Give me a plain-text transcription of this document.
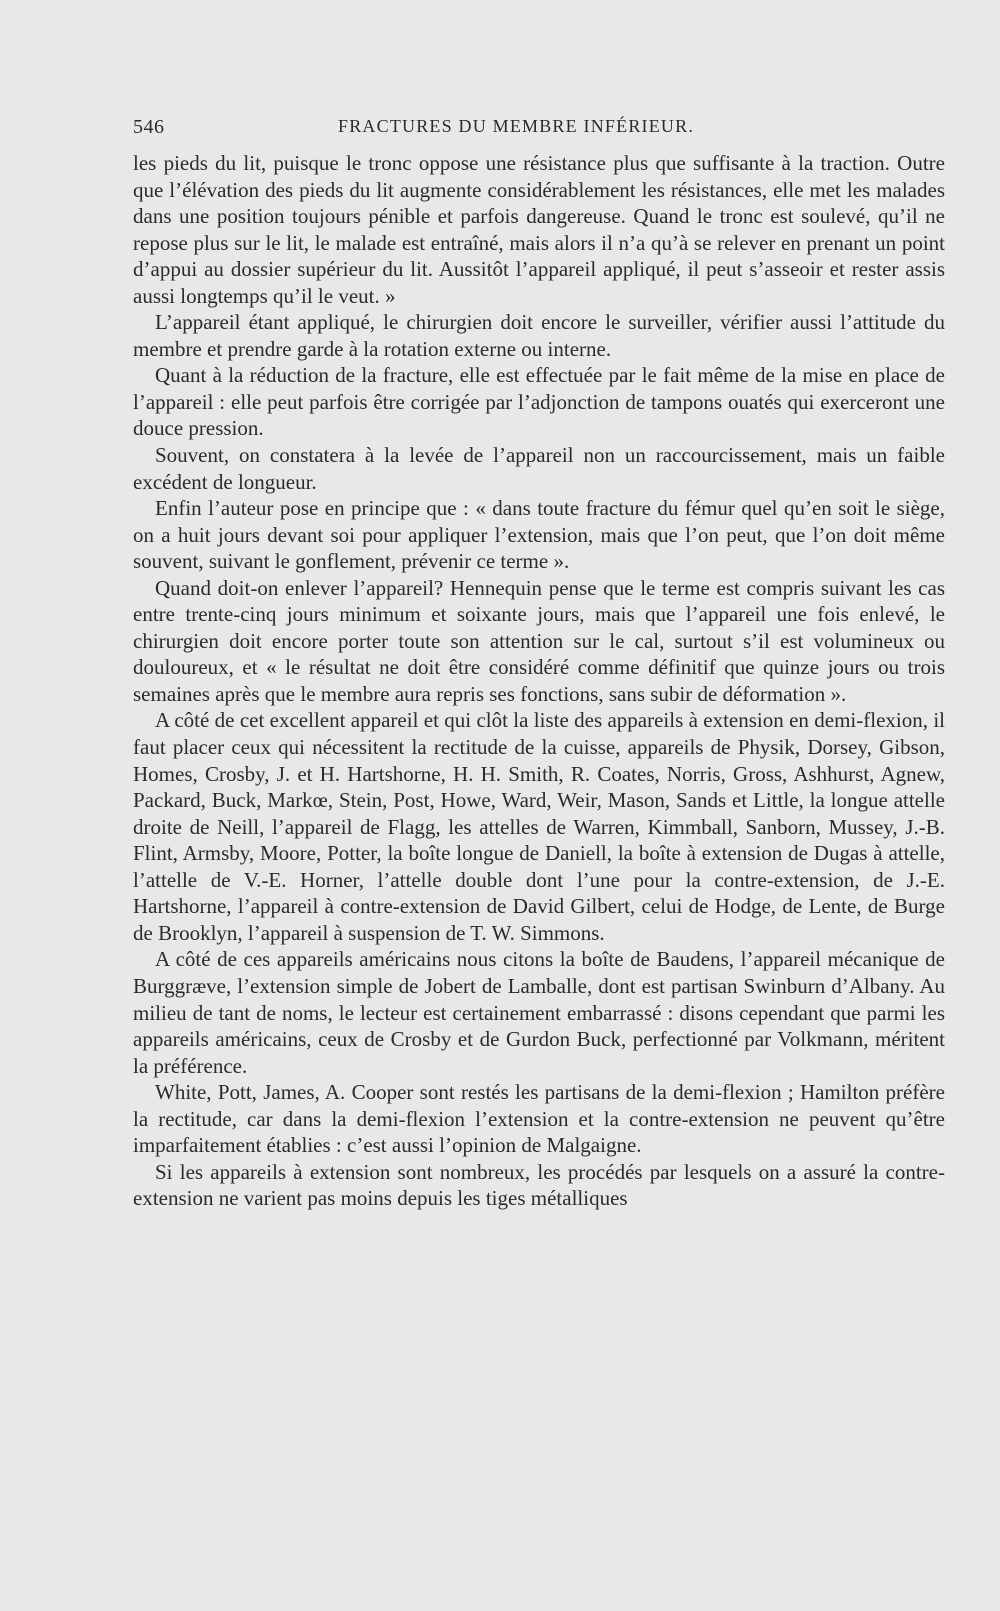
546	FRACTURES DU MEMBRE INFÉRIEUR.

les pieds du lit, puisque le tronc oppose une résistance plus que suffisante à la traction. Outre que l’élévation des pieds du lit augmente considérablement les résistances, elle met les malades dans une position toujours pénible et parfois dangereuse. Quand le tronc est soulevé, qu’il ne repose plus sur le lit, le malade est entraîné, mais alors il n’a qu’à se relever en prenant un point d’appui au dossier supérieur du lit. Aussitôt l’appareil appliqué, il peut s’asseoir et rester assis aussi longtemps qu’il le veut. »

L’appareil étant appliqué, le chirurgien doit encore le surveiller, vérifier aussi l’attitude du membre et prendre garde à la rotation externe ou interne.

Quant à la réduction de la fracture, elle est effectuée par le fait même de la mise en place de l’appareil : elle peut parfois être corrigée par l’adjonction de tampons ouatés qui exerceront une douce pression.

Souvent, on constatera à la levée de l’appareil non un raccourcissement, mais un faible excédent de longueur.

Enfin l’auteur pose en principe que : « dans toute fracture du fémur quel qu’en soit le siège, on a huit jours devant soi pour appliquer l’extension, mais que l’on peut, que l’on doit même souvent, suivant le gonflement, prévenir ce terme ».

Quand doit-on enlever l’appareil? Hennequin pense que le terme est compris suivant les cas entre trente-cinq jours minimum et soixante jours, mais que l’appareil une fois enlevé, le chirurgien doit encore porter toute son attention sur le cal, surtout s’il est volumineux ou douloureux, et « le résultat ne doit être considéré comme définitif que quinze jours ou trois semaines après que le membre aura repris ses fonctions, sans subir de déformation ».

A côté de cet excellent appareil et qui clôt la liste des appareils à extension en demi-flexion, il faut placer ceux qui nécessitent la rectitude de la cuisse, appareils de Physik, Dorsey, Gibson, Homes, Crosby, J. et H. Hartshorne, H. H. Smith, R. Coates, Norris, Gross, Ashhurst, Agnew, Packard, Buck, Markœ, Stein, Post, Howe, Ward, Weir, Mason, Sands et Little, la longue attelle droite de Neill, l’appareil de Flagg, les attelles de Warren, Kimmball, Sanborn, Mussey, J.-B. Flint, Armsby, Moore, Potter, la boîte longue de Daniell, la boîte à extension de Dugas à attelle, l’attelle de V.-E. Horner, l’attelle double dont l’une pour la contre-extension, de J.-E. Hartshorne, l’appareil à contre-extension de David Gilbert, celui de Hodge, de Lente, de Burge de Brooklyn, l’appareil à suspension de T. W. Simmons.

A côté de ces appareils américains nous citons la boîte de Baudens, l’appareil mécanique de Burggræve, l’extension simple de Jobert de Lamballe, dont est partisan Swinburn d’Albany. Au milieu de tant de noms, le lecteur est certainement embarrassé : disons cependant que parmi les appareils américains, ceux de Crosby et de Gurdon Buck, perfectionné par Volkmann, méritent la préférence.

White, Pott, James, A. Cooper sont restés les partisans de la demi-flexion ; Hamilton préfère la rectitude, car dans la demi-flexion l’extension et la contre-extension ne peuvent qu’être imparfaitement établies : c’est aussi l’opinion de Malgaigne.

Si les appareils à extension sont nombreux, les procédés par lesquels on a assuré la contre-extension ne varient pas moins depuis les tiges métalliques
